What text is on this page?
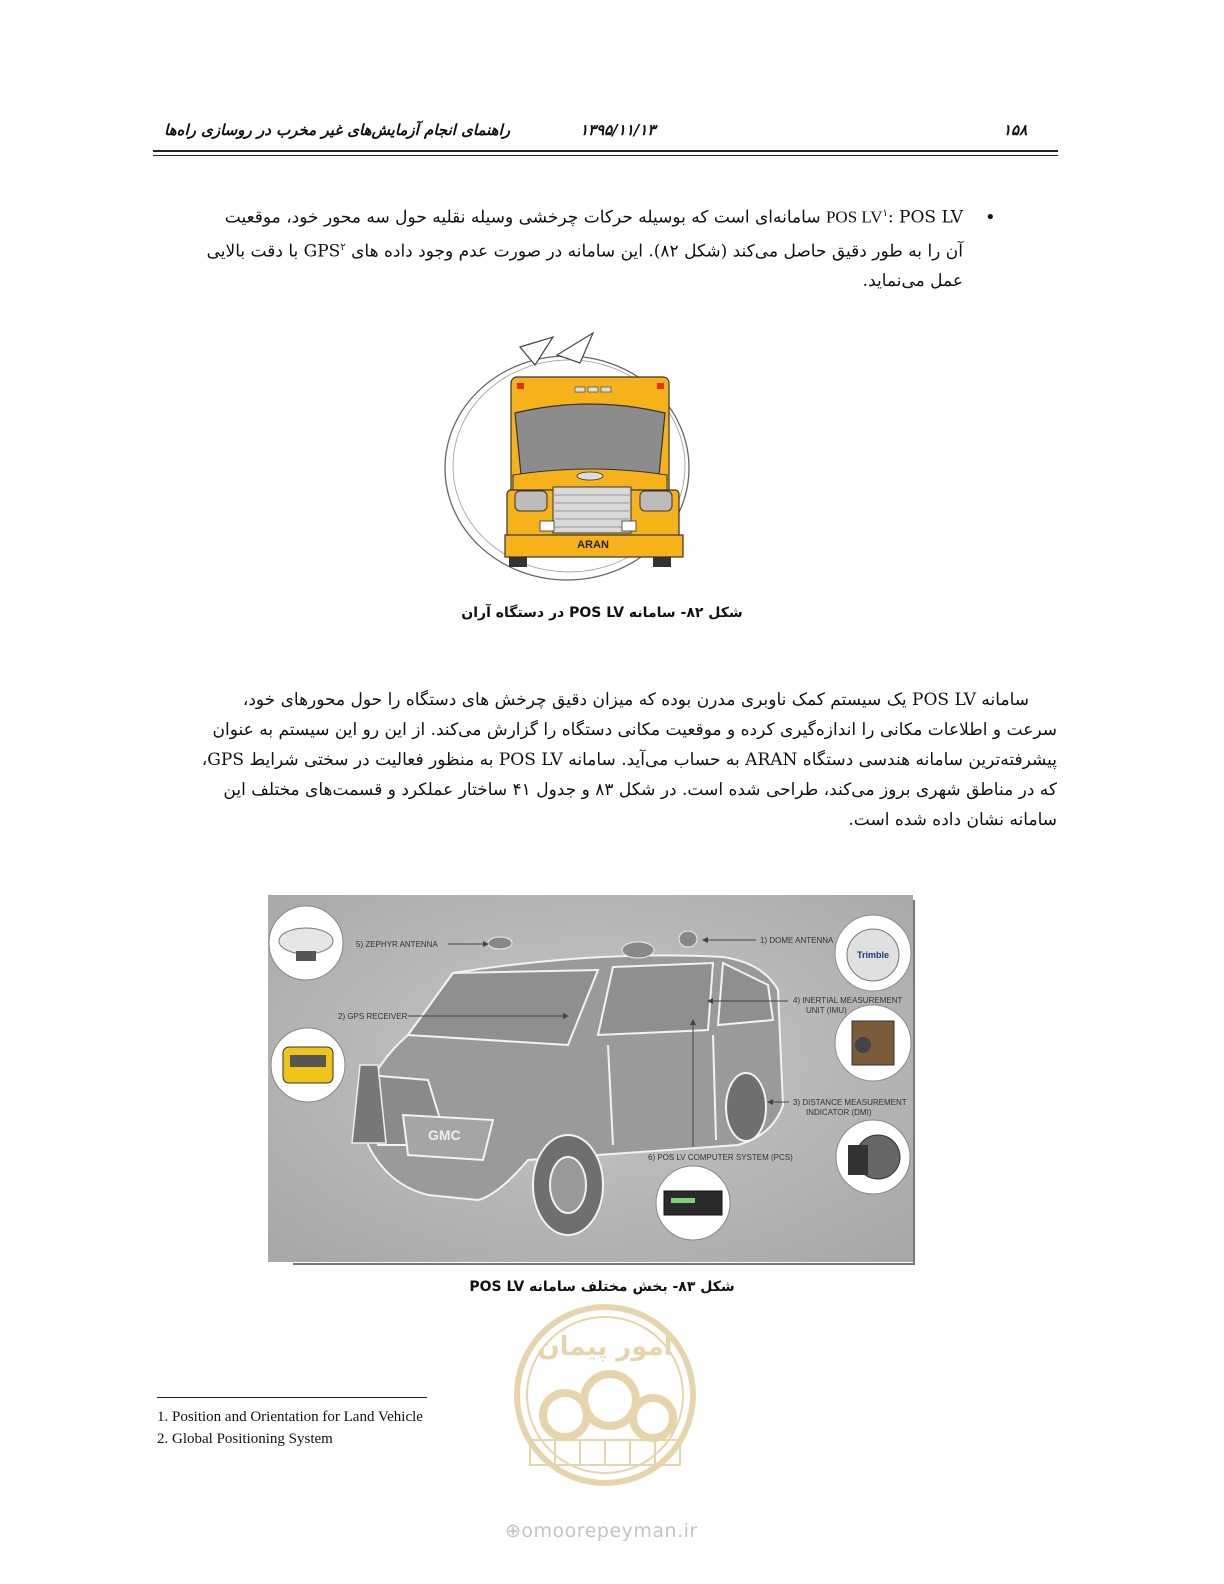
۱۵۸
۱۳۹۵/۱۱/۱۳
راهنمای انجام آزمایش‌های غیر مخرب در روسازی راه‌ها
•

POS $LV^۱$: POS LV سامانه‌ای است که بوسیله حرکات چرخشی وسیله نقلیه حول سه محور خود، موقعیت

آن را به طور دقیق حاصل می‌کند (شکل ۸۲). این سامانه در صورت عدم وجود داده های GPS$^۲$ با دقت بالایی

عمل می‌نماید.

ARAN
شکل ۸۲- سامانه POS LV در دستگاه آران

سامانه POS LV یک سیستم کمک ناوبری مدرن بوده که میزان دقیق چرخش های دستگاه را حول محورهای خود،

سرعت و اطلاعات مکانی را اندازه‌گیری کرده و موقعیت مکانی دستگاه را گزارش می‌کند. از این رو این سیستم به عنوان

پیشرفته‌ترین سامانه هندسی دستگاه ARAN به حساب می‌آید. سامانه POS LV به منظور فعالیت در سختی شرایط GPS،

که در مناطق شهری بروز می‌کند، طراحی شده است. در شکل ۸۳ و جدول ۴۱ ساختار عملکرد و قسمت‌های مختلف این

سامانه نشان داده شده است.

GMC
Trimble
5) ZEPHYR ANTENNA	1) DOME ANTENNA
2) GPS RECEIVER
4) INERTIAL MEASUREMENT
UNIT (IMU)
3) DISTANCE MEASUREMENT
INDICATOR (DMI)
6) POS LV COMPUTER SYSTEM (PCS)
شکل ۸۳- بخش مختلف سامانه POS LV
امور پیمان
1. Position and Orientation for Land Vehicle
2. Global Positioning System
⊕omoorepeyman.ir
